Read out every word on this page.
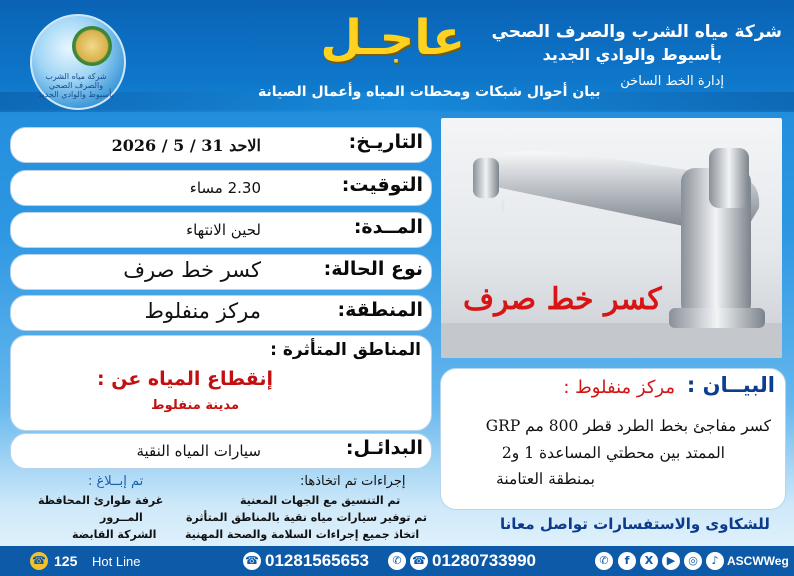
شركة مياه الشرب والصرف الصحي
بأسيوط والوادي الجديد
إدارة الخط الساخن
عاجـل
بيان أحوال شبكات ومحطات المياه وأعمال الصيانة
شركة مياه الشرب والصرف الصحي بأسيوط والوادي الجديد
التاريـخ:
الاحد 31 / 5 / 2026
التوقيت:
2.30 مساء
المــدة:
لحين الانتهاء
نوع الحالة:
كسر خط صرف
المنطقة:
مركز منفلوط
المناطق المتأثرة :
إنقطاع المياه عن :
مدينة منفلوط
البدائـل:
سيارات المياه النقية
كسر خط صرف
البيــان :
مركز منفلوط :
كسر مفاجئ بخط الطرد قطر 800 مم GRP
الممتد بين محطتي المساعدة 1 و2
بمنطقة العتامنة
إجراءات تم اتخاذها:
تم التنسيق مع الجهات المعنية
تم توفير سيارات مياه نقية بالمناطق المتأثرة
اتخاذ جميع إجراءات السلامة والصحة المهنية
تم إبــلاغ :
غرفة طوارئ المحافظة
المــرور
الشركة القابضة
للشكاوى والاستفسارات تواصل معانا
ASCWWeg
♪
◎
▶
X
f
✆
01280733990
☎
✆
01281565653
☎
Hot Line
125
☎
